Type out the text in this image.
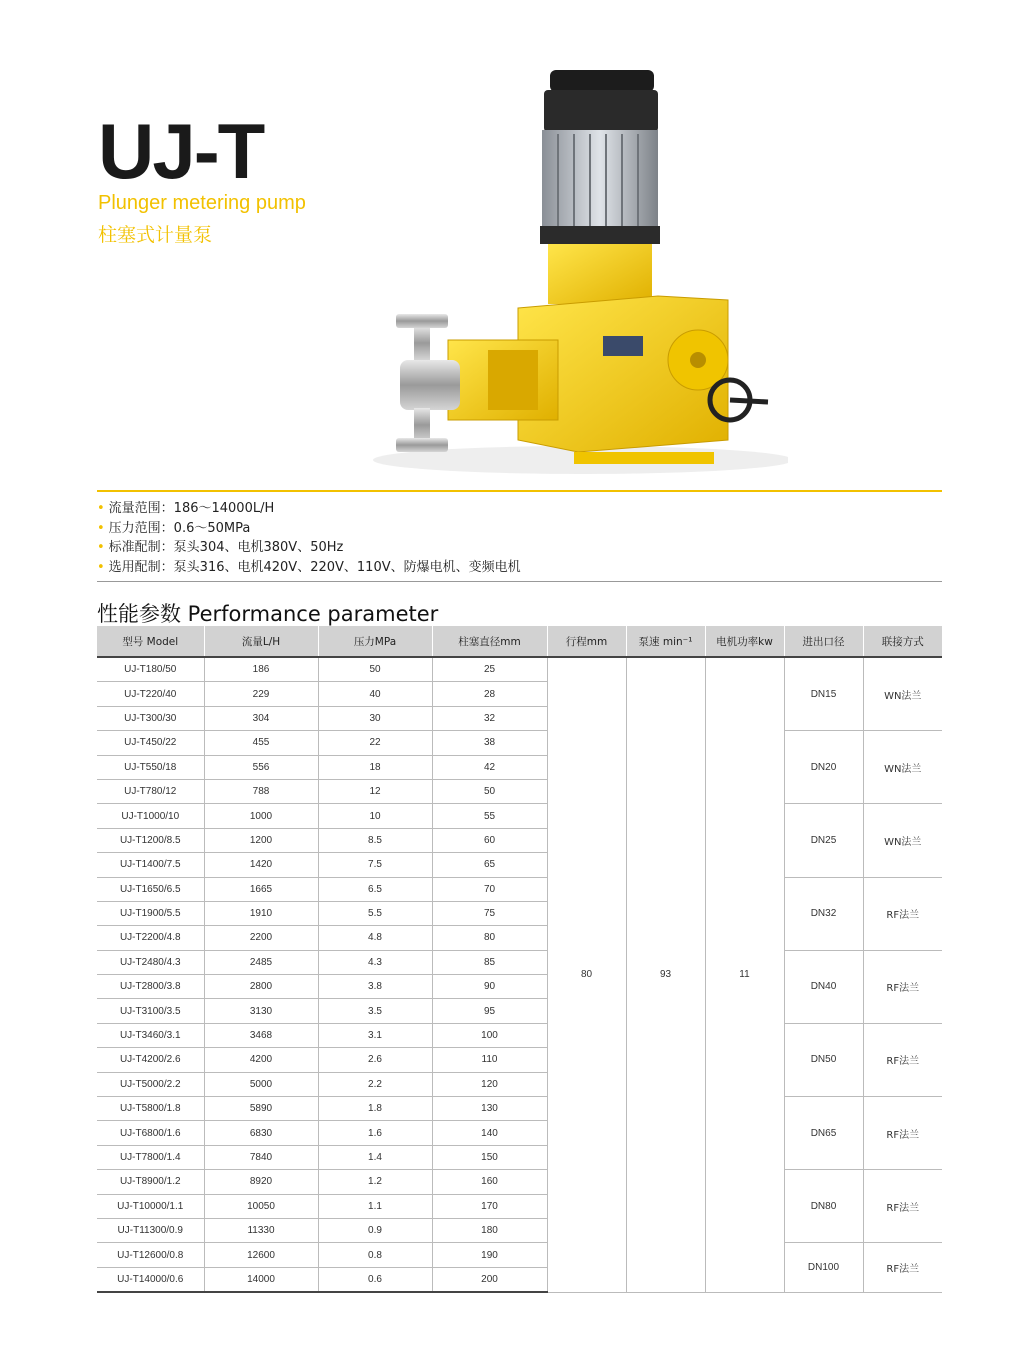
UJ-T
Plunger metering pump
柱塞式计量泵
• 流量范围：186～14000L/H
• 压力范围：0.6～50MPa
• 标准配制：泵头304、电机380V、50Hz
• 选用配制：泵头316、电机420V、220V、110V、防爆电机、变频电机
性能参数 Performance parameter
型号 Model	流量L/H	压力MPa	柱塞直径mm	行程mm	泵速 min⁻¹	电机功率kw	进出口径	联接方式
UJ-T180/50	186	50	25	80	93	11	DN15	WN法兰
UJ-T220/40	229	40	28					
UJ-T300/30	304	30	32					
UJ-T450/22	455	22	38				DN20	WN法兰
UJ-T550/18	556	18	42					
UJ-T780/12	788	12	50					
UJ-T1000/10	1000	10	55				DN25	WN法兰
UJ-T1200/8.5	1200	8.5	60					
UJ-T1400/7.5	1420	7.5	65					
UJ-T1650/6.5	1665	6.5	70				DN32	RF法兰
UJ-T1900/5.5	1910	5.5	75					
UJ-T2200/4.8	2200	4.8	80					
UJ-T2480/4.3	2485	4.3	85				DN40	RF法兰
UJ-T2800/3.8	2800	3.8	90					
UJ-T3100/3.5	3130	3.5	95					
UJ-T3460/3.1	3468	3.1	100				DN50	RF法兰
UJ-T4200/2.6	4200	2.6	110					
UJ-T5000/2.2	5000	2.2	120					
UJ-T5800/1.8	5890	1.8	130				DN65	RF法兰
UJ-T6800/1.6	6830	1.6	140					
UJ-T7800/1.4	7840	1.4	150					
UJ-T8900/1.2	8920	1.2	160				DN80	RF法兰
UJ-T10000/1.1	10050	1.1	170					
UJ-T11300/0.9	11330	0.9	180					
UJ-T12600/0.8	12600	0.8	190				DN100	RF法兰
UJ-T14000/0.6	14000	0.6	200					
